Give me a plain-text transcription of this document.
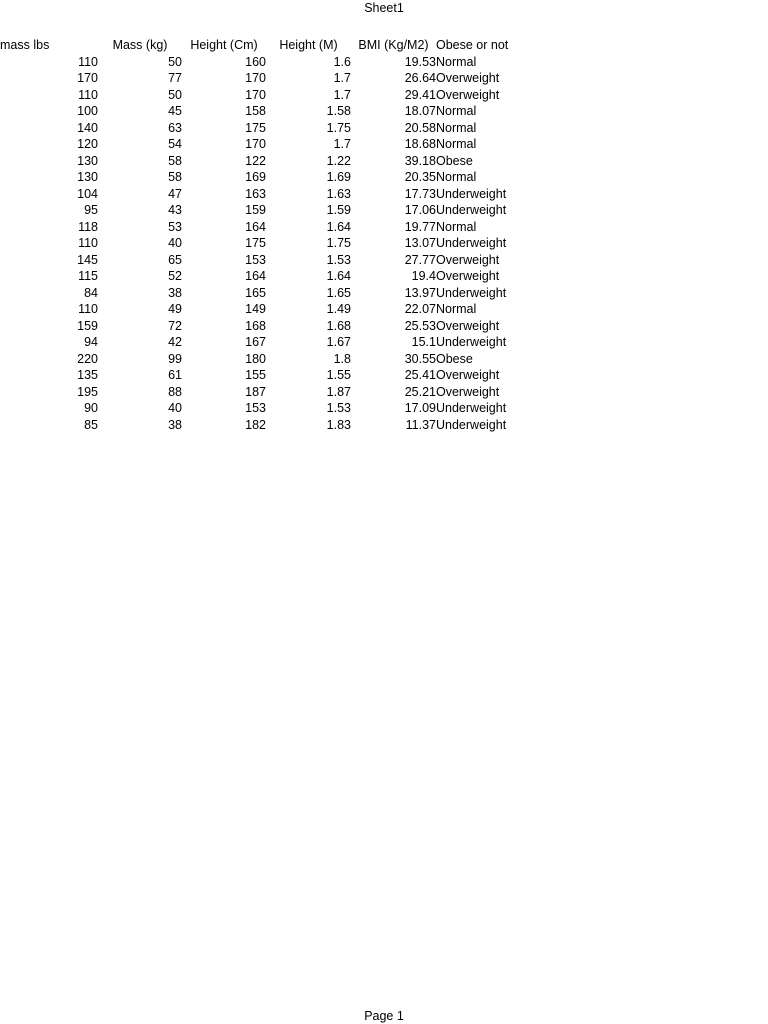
Sheet1
mass lbs	Mass (kg)	Height (Cm)	Height (M)	BMI (Kg/M2)	Obese or not
110	50	160	1.6	19.53	Normal
170	77	170	1.7	26.64	Overweight
110	50	170	1.7	29.41	Overweight
100	45	158	1.58	18.07	Normal
140	63	175	1.75	20.58	Normal
120	54	170	1.7	18.68	Normal
130	58	122	1.22	39.18	Obese
130	58	169	1.69	20.35	Normal
104	47	163	1.63	17.73	Underweight
95	43	159	1.59	17.06	Underweight
118	53	164	1.64	19.77	Normal
110	40	175	1.75	13.07	Underweight
145	65	153	1.53	27.77	Overweight
115	52	164	1.64	19.4	Overweight
84	38	165	1.65	13.97	Underweight
110	49	149	1.49	22.07	Normal
159	72	168	1.68	25.53	Overweight
94	42	167	1.67	15.1	Underweight
220	99	180	1.8	30.55	Obese
135	61	155	1.55	25.41	Overweight
195	88	187	1.87	25.21	Overweight
90	40	153	1.53	17.09	Underweight
85	38	182	1.83	11.37	Underweight
Page 1
